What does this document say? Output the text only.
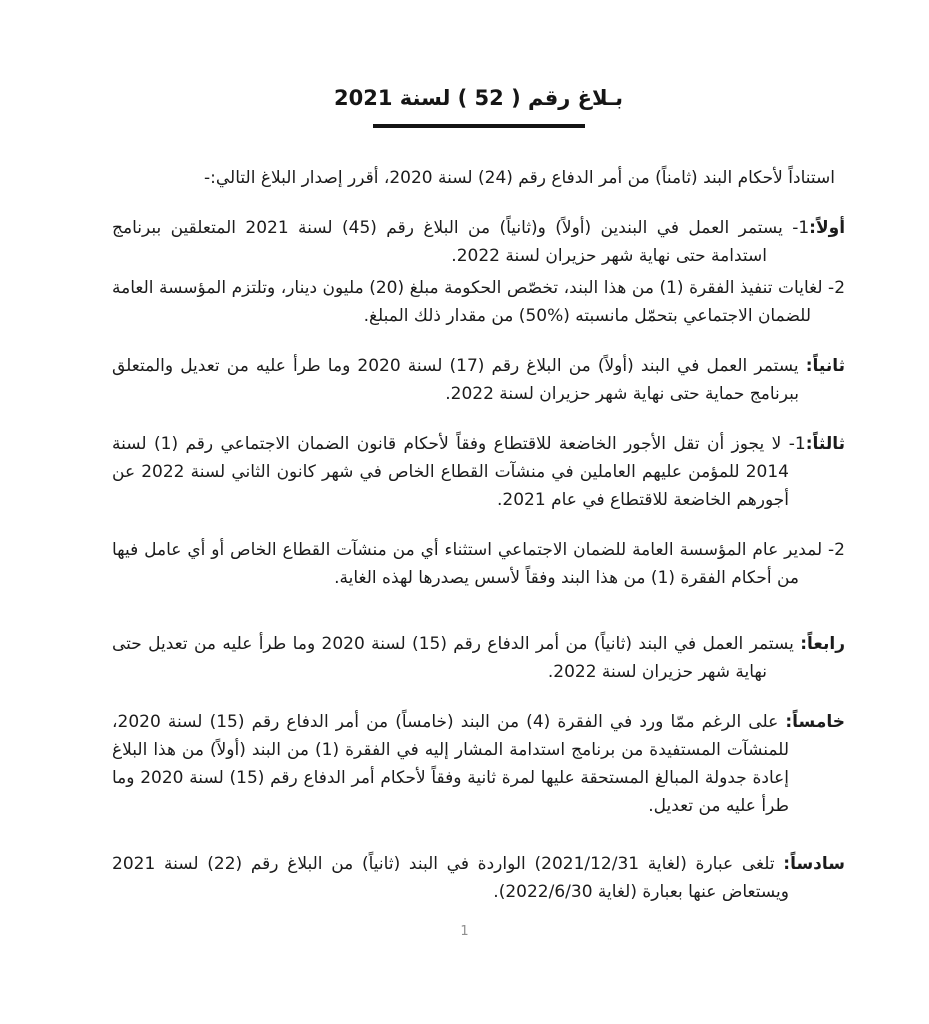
بـلاغ رقم ( 52 ) لسنة 2021

استناداً لأحكام البند (ثامناً) من أمر الدفاع رقم (24) لسنة 2020، أقرر إصدار البلاغ التالي:-

أولاً:1- يستمر العمل في البندين (أولاً) و(ثانياً) من البلاغ رقم (45) لسنة 2021 المتعلقين ببرنامج استدامة حتى نهاية شهر حزيران لسنة 2022.

2- لغايات تنفيذ الفقرة (1) من هذا البند، تخصّص الحكومة مبلغ (20) مليون دينار، وتلتزم المؤسسة العامة للضمان الاجتماعي بتحمّل مانسبته (%50) من مقدار ذلك المبلغ.

ثانياً: يستمر العمل في البند (أولاً) من البلاغ رقم (17) لسنة 2020 وما طرأ عليه من تعديل والمتعلق ببرنامج حماية حتى نهاية شهر حزيران لسنة 2022.

ثالثاً:1- لا يجوز أن تقل الأجور الخاضعة للاقتطاع وفقاً لأحكام قانون الضمان الاجتماعي رقم (1) لسنة 2014 للمؤمن عليهم العاملين في منشآت القطاع الخاص في شهر كانون الثاني لسنة 2022 عن أجورهم الخاضعة للاقتطاع في عام 2021.

2- لمدير عام المؤسسة العامة للضمان الاجتماعي استثناء أي من منشآت القطاع الخاص أو أي عامل فيها من أحكام الفقرة (1) من هذا البند وفقاً لأسس يصدرها لهذه الغاية.

رابعاً: يستمر العمل في البند (ثانياً) من أمر الدفاع رقم (15) لسنة 2020 وما طرأ عليه من تعديل حتى نهاية شهر حزيران لسنة 2022.

خامساً: على الرغم ممّا ورد في الفقرة (4) من البند (خامساً) من أمر الدفاع رقم (15) لسنة 2020، للمنشآت المستفيدة من برنامج استدامة المشار إليه في الفقرة (1) من البند (أولاً) من هذا البلاغ إعادة جدولة المبالغ المستحقة عليها لمرة ثانية وفقاً لأحكام أمر الدفاع رقم (15) لسنة 2020 وما طرأ عليه من تعديل.

سادساً: تلغى عبارة (لغاية 2021/12/31) الواردة في البند (ثانياً) من البلاغ رقم (22) لسنة 2021 ويستعاض عنها بعبارة (لغاية 2022/6/30).

1
